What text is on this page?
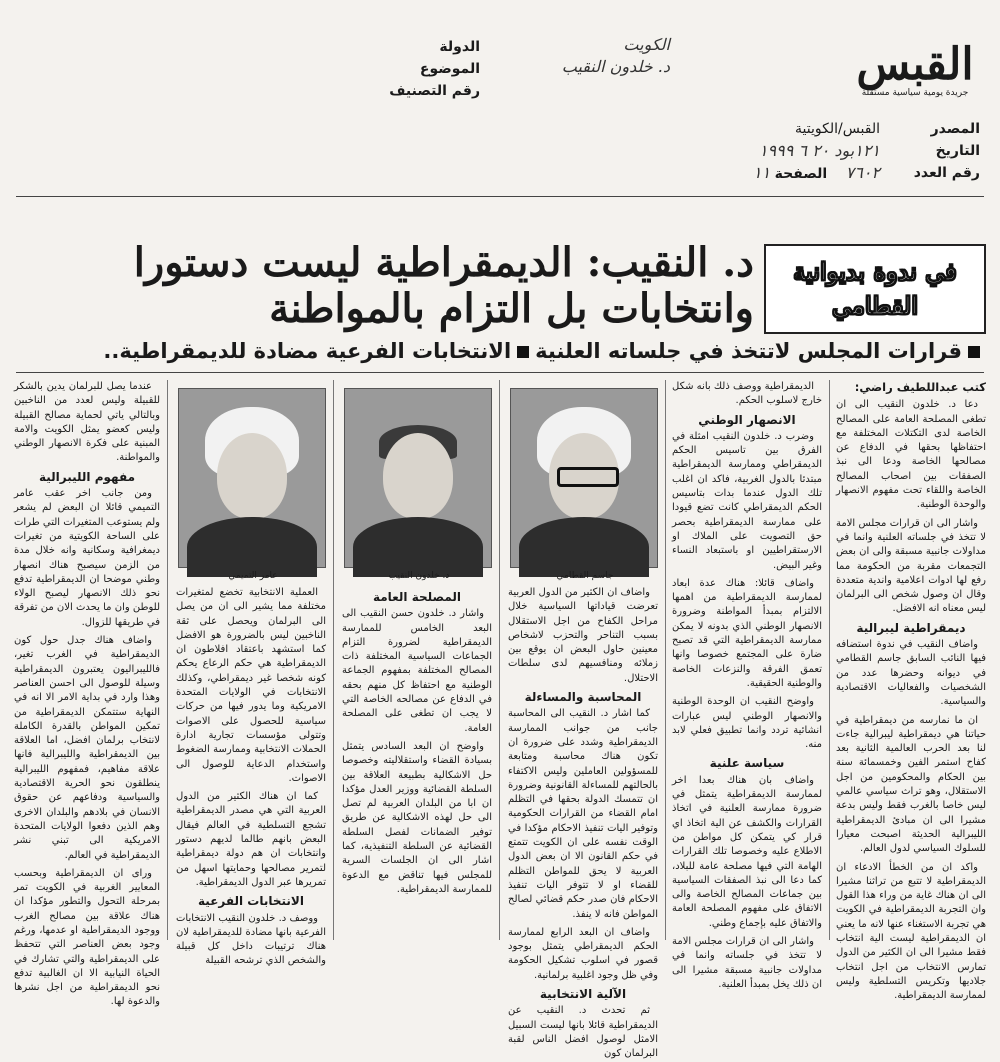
القبس
جريدة يومية سياسية مستقلة
الدولة
الموضوع
رقم التصنيف
الكويت
د. خلدون النقيب
المصدر
التاريخ
رقم العدد
القبس/الكويتية
١٢١بود ٢٠ ٦ ١٩٩٩
٧٦٠٢ الصفحة ١١
في ندوة بديوانية القطامي
د. النقيب: الديمقراطية ليست دستورا
وانتخابات بل التزام بالمواطنة
قرارات المجلس لاتتخذ في جلساته العلنيةالانتخابات الفرعية مضادة للديمقراطية..
كتب عبداللطيف راضي:

دعا د. خلدون النقيب الى ان تطغى المصلحة العامة على المصالح الخاصة لدى التكتلات المختلفة مع احتفاظها بحقها في الدفاع عن مصالحها الخاصة ودعا الى نبذ الصفقات بين اصحاب المصالح الخاصة واللقاء تحت مفهوم الانصهار والوحدة الوطنية.

واشار الى ان قرارات مجلس الامة لا تتخذ في جلساته العلنية وانما في مداولات جانبية مسبقة والى ان بعض التجمعات مقربة من الحكومة مما رفع لها ادوات اعلامية واندية متعددة وقال ان وصول شخص الى البرلمان ليس معناه انه الافضل.

ديمقراطية ليبرالية

واضاف النقيب في ندوة استضافه فيها النائب السابق جاسم القطامي في ديوانه وحضرها عدد من الشخصيات والفعاليات الاقتصادية والسياسية.

ان ما نمارسه من ديمقراطية في حياتنا هي ديمقراطية ليبرالية جاءت لنا بعد الحرب العالمية الثانية بعد كفاح استمر الفين وخمسمائة سنة بين الحكام والمحكومين من اجل الاستقلال، وهو تراث سياسي عالمي ليس خاصا بالغرب فقط وليس بدعة مشيرا الى ان مبادئ الديمقراطية الليبرالية الحديثة اصبحت معيارا للسلوك السياسي لدول العالم.

واكد ان من الخطأ الادعاء ان الديمقراطية لا تتبع من تراثنا مشيرا الى ان هناك غاية من وراء هذا القول وان التجربة الديمقراطية في الكويت هي تجربة الاستغناء عنها لانه ما يعني ان الديمقراطية ليست الية انتخاب فقط مشيرا الى ان الكثير من الدول تمارس الانتخاب من اجل انتخاب جلاديها وتكريس التسلطية وليس لممارسة الديمقراطية.

الديمقراطية ووصف ذلك بانه شكل خارج لاسلوب الحكم.

الانصهار الوطني

وضرب د. خلدون النقيب امثلة في الفرق بين تاسيس الحكم الديمقراطي وممارسة الديمقراطية مبتدئا بالدول الغربية، فاكد ان اغلب تلك الدول عندما بدات بتاسيس الحكم الديمقراطي كانت تضع قيودا على ممارسة الديمقراطية بحصر حق التصويت على الملاك او الارستقراطيين او باستبعاد النساء وغير البيض.

واضاف قائلا: هناك عدة ابعاد لممارسة الديمقراطية من اهمها الالتزام بمبدأ المواطنة وضرورة الانصهار الوطني الذي بدونه لا يمكن ممارسة الديمقراطية التي قد تصبح ضارة على المجتمع خصوصا وانها تعمق الفرقة والنزعات الخاصة والوطنية الحقيقية.

واوضح النقيب ان الوحدة الوطنية والانصهار الوطني ليس عبارات انشائية تردد وانما تطبيق فعلي لابد منه.

سياسة علنية

واضاف بان هناك بعدا اخر لممارسة الديمقراطية يتمثل في ضرورة ممارسة العلنية في اتخاذ القرارات والكشف عن الية اتخاذ اي قرار كي يتمكن كل مواطن من الاطلاع عليه وخصوصا تلك القرارات الهامة التي فيها مصلحة عامة للبلاد، كما دعا الى نبذ الصفقات السياسية بين جماعات المصالح الخاصة والى الاتفاق على مفهوم المصلحة العامة والاتفاق عليه بإجماع وطني.

واشار الى ان قرارات مجلس الامة لا تتخذ في جلساته وانما في مداولات جانبية مسبقة مشيرا الى ان ذلك يخل بمبدأ العلنية.

جاسم القطامي
د. خلدون النقيب
عامر التميمي

واضاف ان الكثير من الدول العربية تعرضت قياداتها السياسية خلال مراحل الكفاح من اجل الاستقلال بسبب التناحر والتحزب لاشخاص معينين حاول البعض ان يوقع بين زملائه ومنافسيهم لدى سلطات الاحتلال.

المحاسبة والمساءلة

كما اشار د. النقيب الى المحاسبة جانب من جوانب الممارسة الديمقراطية وشدد على ضرورة ان تكون هناك محاسبة ومتابعة للمسؤولين العاملين وليس الاكتفاء بالحالتهم للمساءلة القانونية وضرورة ان تتمسك الدولة بحقها في التظلم امام القضاء من القرارات الحكومية وتوفير اليات تنفيذ الاحكام مؤكدا في الوقت نفسه على ان الكويت تتمتع في حكم القانون الا ان بعض الدول العربية لا يحق للمواطن التظلم للقضاء او لا تتوفر اليات تنفيذ الاحكام فان صدر حكم قضائي لصالح المواطن فانه لا ينفذ.

واضاف ان البعد الرابع لممارسة الحكم الديمقراطي يتمثل بوجود قصور في اسلوب تشكيل الحكومة وفي ظل وجود اغلبية برلمانية.

الآلية الانتخابية

ثم تحدث د. النقيب عن الديمقراطية قائلا بانها ليست السبيل الامثل لوصول افضل الناس لقبة البرلمان كون

المصلحة العامة

واشار د. خلدون حسن النقيب الى البعد الخامس للممارسة الديمقراطية لضرورة التزام الجماعات السياسية المختلفة ذات المصالح المختلفة بمفهوم الجماعة الوطنية مع احتفاظ كل منهم بحقه في الدفاع عن مصالحه الخاصة التي لا يجب ان تطغى على المصلحة العامة.

واوضح ان البعد السادس يتمثل بسيادة القضاء واستقلاليته وخصوصا حل الاشكالية بطبيعة العلاقة بين السلطة القضائية ووزير العدل مؤكدا ان ابا من البلدان العربية لم تصل الى حل لهذه الاشكالية عن طريق توفير الضمانات لفصل السلطة القضائية عن السلطة التنفيذية، كما اشار الى ان الجلسات السرية للمجلس فيها تناقض مع الدعوة للممارسة الديمقراطية.

العملية الانتخابية تخضع لمتغيرات مختلفة مما يشير الى ان من يصل الى البرلمان ويحصل على ثقة الناخبين ليس بالضرورة هو الافضل كما استشهد باعتقاد افلاطون ان الديمقراطية هي حكم الرعاع يحكم كونه شخصا غير ديمقراطي، وكذلك الانتخابات في الولايات المتحدة الامريكية وما يدور فيها من حركات سياسية للحصول على الاصوات وتتولى مؤسسات تجارية ادارة الحملات الانتخابية وممارسة الضغوط واستخدام الدعاية للوصول الى الاصوات.

كما ان هناك الكثير من الدول العربية التي هي مصدر الديمقراطية تشجع التسلطية في العالم فيقال البعض بانهم طالما لديهم دستور وانتخابات ان هم دولة ديمقراطية لتمرير مصالحها وحمايتها اسهل من تمريرها عبر الدول الديمقراطية.

الانتخابات الفرعية

ووصف د. خلدون النقيب الانتخابات الفرعية بانها مضادة للديمقراطية لان هناك ترتيبات داخل كل قبيلة والشخص الذي ترشحه القبيلة

عندما يصل للبرلمان يدين بالشكر للقبيلة وليس لعدد من الناخبين وبالتالي ياتي لحماية مصالح القبيلة وليس كعضو يمثل الكويت والامة المبنية على فكرة الانصهار الوطني والمواطنة.

مفهوم الليبرالية

ومن جانب اخر عقب عامر التميمي قائلا ان البعض لم يشعر ولم يستوعب المتغيرات التي طرات على الساحة الكويتية من تغيرات ديمغرافية وسكانية وانه خلال مدة من الزمن سيصبح هناك انصهار وطني موضحا ان الديمقراطية تدفع نحو ذلك الانصهار ليصبح الولاء للوطن وان ما يحدث الان من تفرقة في طريقها للزوال.

واضاف هناك جدل حول كون الديمقراطية في الغرب تغير، فالليبراليون يعتبرون الديمقراطية وسيلة للوصول الى احسن العناصر وهذا وارد في بداية الامر الا انه في النهاية ستتمكن الديمقراطية من تمكين المواطن بالقدرة الكاملة لانتخاب برلمان افضل، اما العلاقة بين الديمقراطية والليبرالية فانها علاقة مفاهيم، فمفهوم الليبرالية ينطلقون نحو الحرية الاقتصادية والسياسية ودفاعهم عن حقوق الانسان في بلادهم والبلدان الاخرى وهم الذين دفعوا الولايات المتحدة الامريكية الى تبني نشر الديمقراطية في العالم.

وراى ان الديمقراطية وبحسب المعايير الغربية في الكويت تمر بمرحلة التحول والتطور مؤكدا ان هناك علاقة بين مصالح الغرب ووجود الديمقراطية او عدمها، ورغم وجود بعض العناصر التي تتحفظ على الديمقراطية والتي تشارك في الحياة النيابية الا ان الغالبية تدفع نحو الديمقراطية من اجل نشرها والدعوة لها.
